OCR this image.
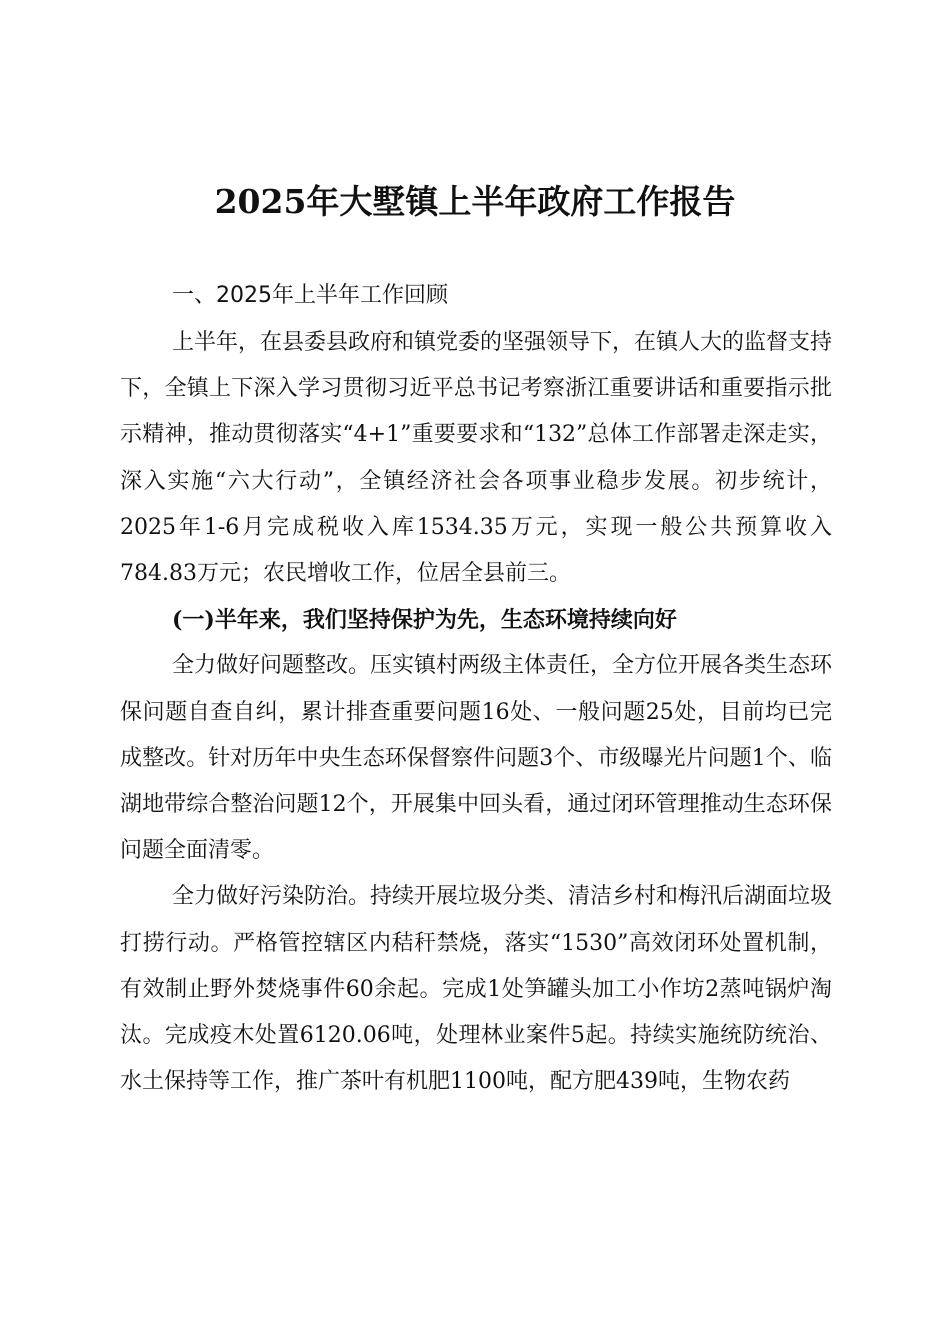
2025年大墅镇上半年政府工作报告
一、2025年上半年工作回顾

上半年，在县委县政府和镇党委的坚强领导下，在镇人大的监督支持下，全镇上下深入学习贯彻习近平总书记考察浙江重要讲话和重要指示批示精神，推动贯彻落实“4+1”重要要求和“132”总体工作部署走深走实，深入实施“六大行动”，全镇经济社会各项事业稳步发展。初步统计，2025年1-6月完成税收入库1534.35万元，实现一般公共预算收入784.83万元；农民增收工作，位居全县前三。

(一)半年来，我们坚持保护为先，生态环境持续向好

全力做好问题整改。压实镇村两级主体责任，全方位开展各类生态环保问题自查自纠，累计排查重要问题16处、一般问题25处，目前均已完成整改。针对历年中央生态环保督察件问题3个、市级曝光片问题1个、临湖地带综合整治问题12个，开展集中回头看，通过闭环管理推动生态环保问题全面清零。

全力做好污染防治。持续开展垃圾分类、清洁乡村和梅汛后湖面垃圾打捞行动。严格管控辖区内秸秆禁烧，落实“1530”高效闭环处置机制，有效制止野外焚烧事件60余起。完成1处笋罐头加工小作坊2蒸吨锅炉淘汰。完成疫木处置6120.06吨，处理林业案件5起。持续实施统防统治、水土保持等工作，推广茶叶有机肥1100吨，配方肥439吨，生物农药
